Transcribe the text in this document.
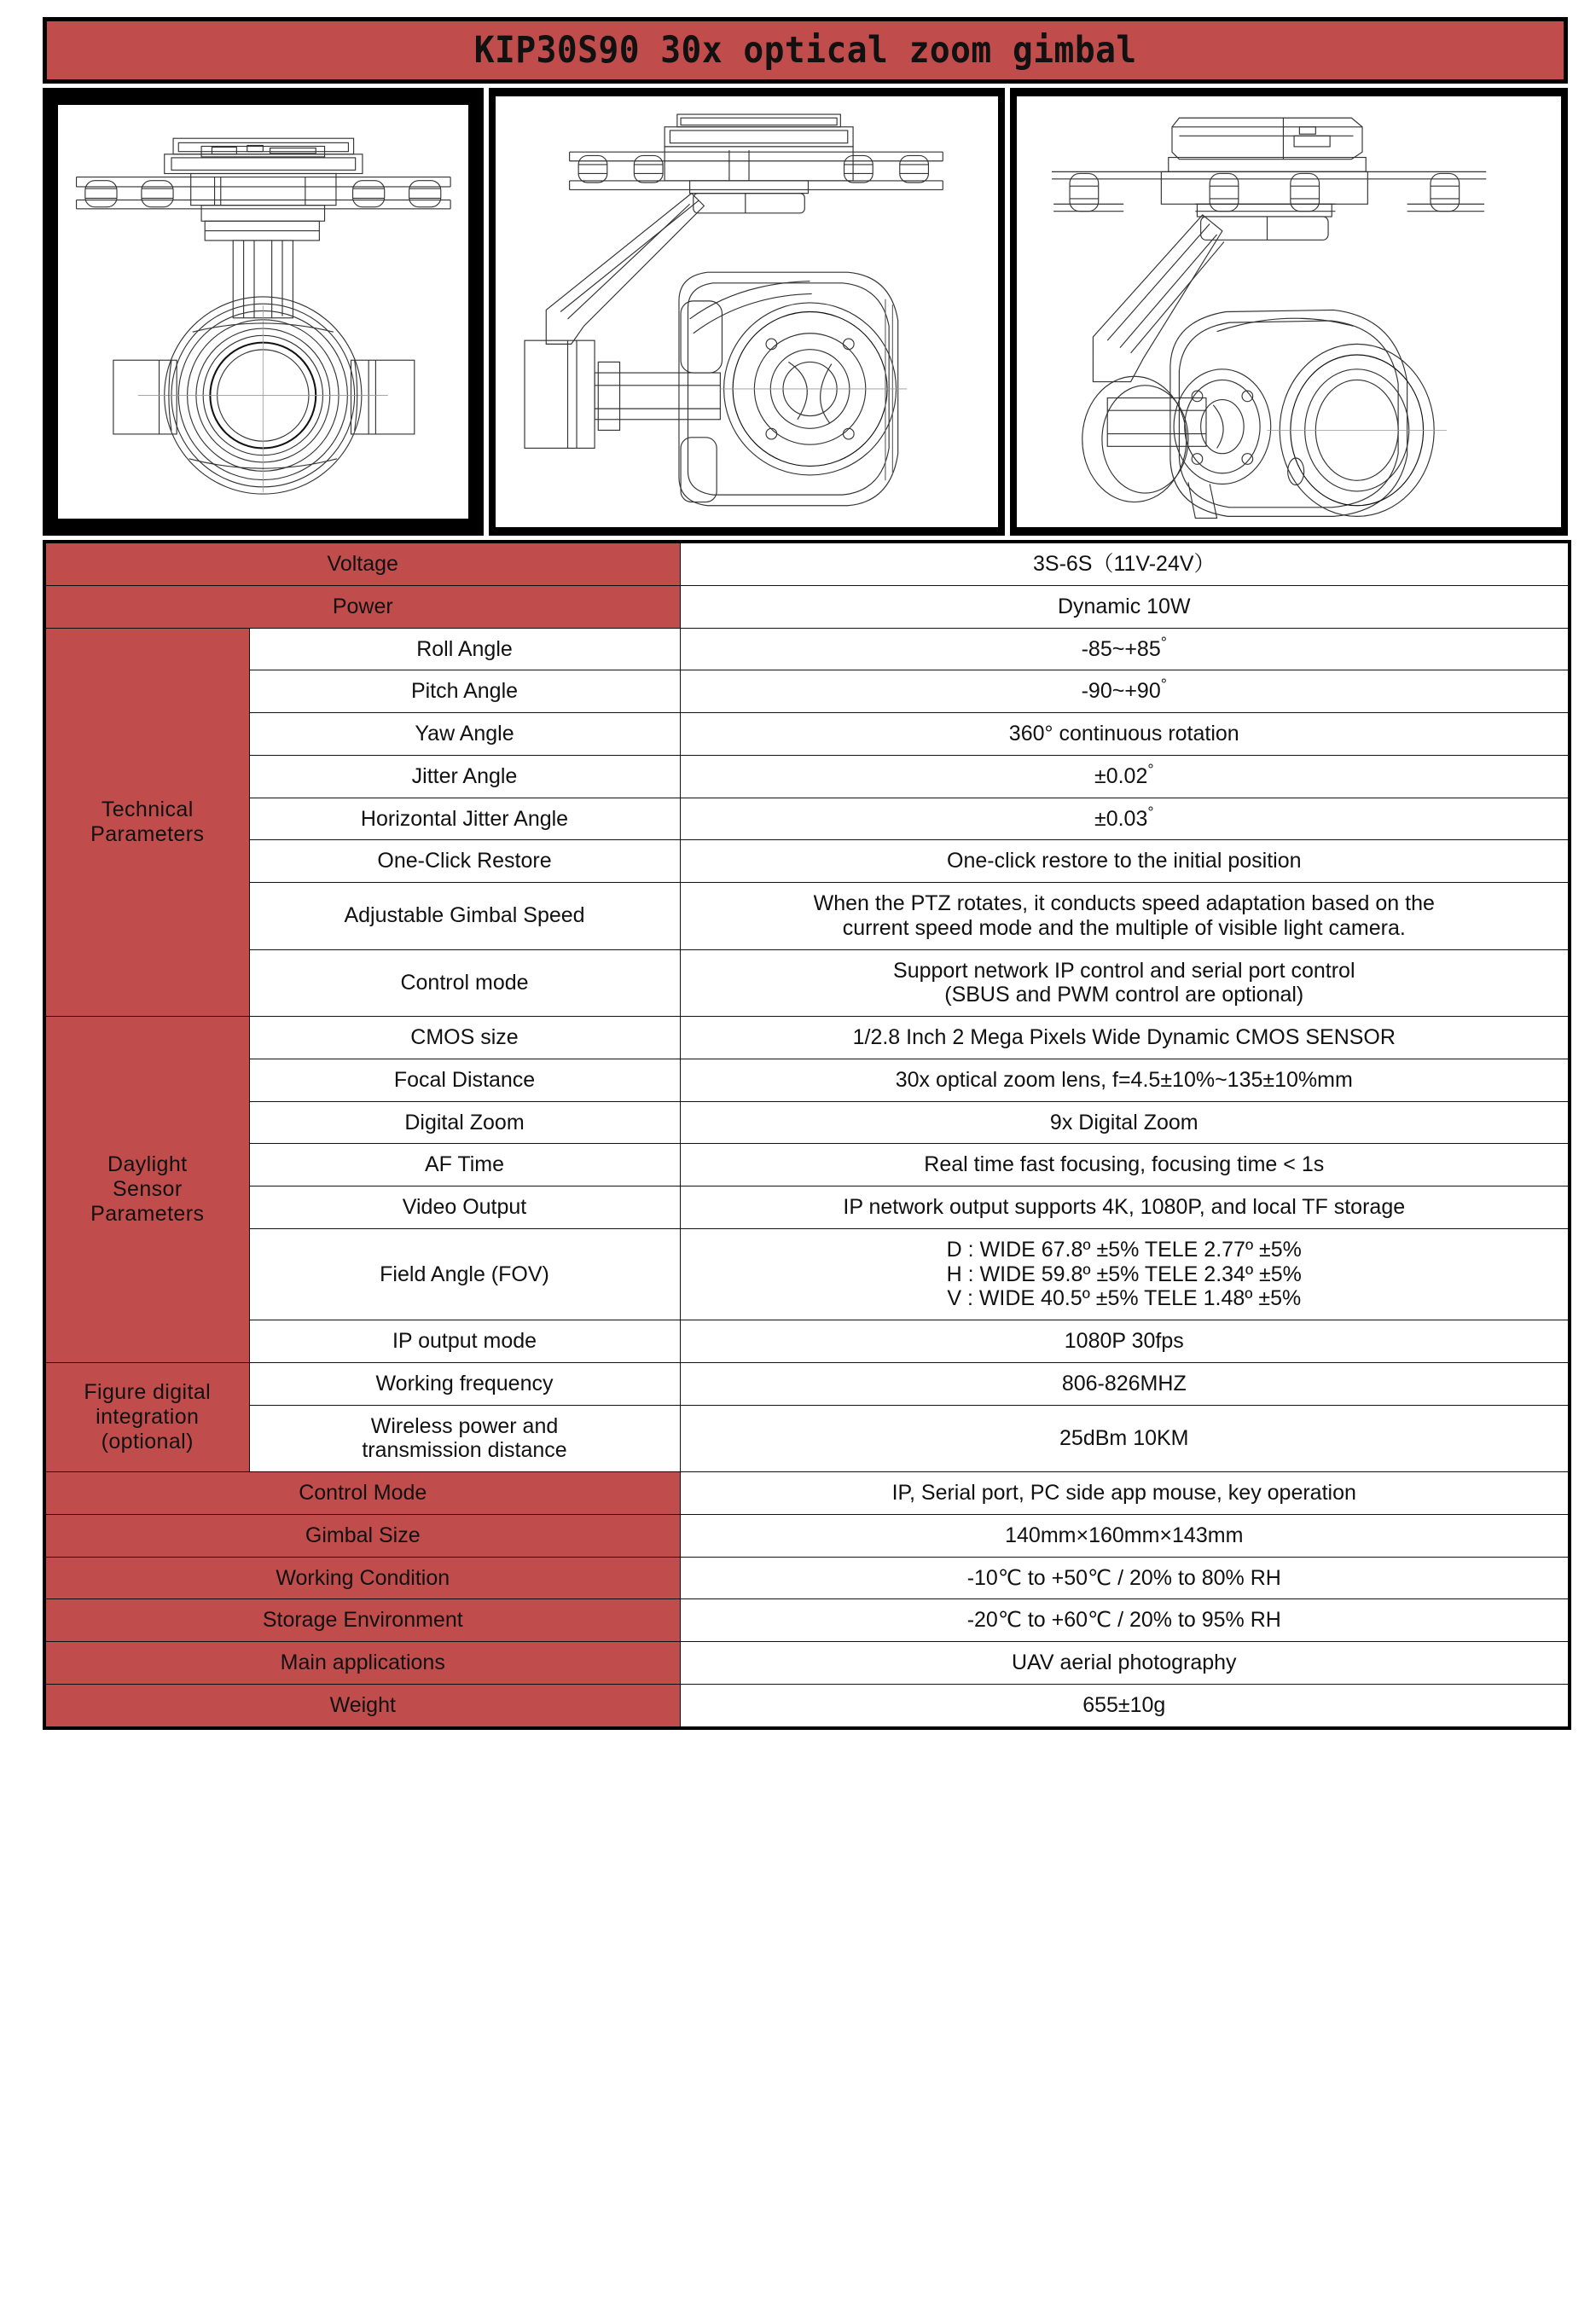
KIP30S90 30x optical zoom gimbal
Voltage		3S-6S（11V-24V）
Power		Dynamic 10W

Technical
Parameters	Roll Angle	-85~+85°
	Pitch Angle	-90~+90°
	Yaw Angle	360° continuous rotation
	Jitter Angle	±0.02°
	Horizontal Jitter Angle	±0.03°
	One-Click Restore	One-click restore to the initial position
	Adjustable Gimbal Speed	When the PTZ rotates, it conducts speed adaptation based on the
current speed mode and the multiple of visible light camera.

	Control mode	Support network IP control and serial port control
(SBUS and PWM control are optional)

Daylight
Sensor
Parameters	CMOS size	1/2.8 Inch 2 Mega Pixels Wide Dynamic CMOS SENSOR
	Focal Distance	30x optical zoom lens, f=4.5±10%~135±10%mm
	Digital Zoom	9x Digital Zoom
	AF Time	Real time fast focusing, focusing time < 1s
	Video Output	IP network output supports 4K, 1080P, and local TF storage
	Field Angle (FOV)	D : WIDE 67.8º ±5% TELE 2.77º ±5%
H : WIDE 59.8º ±5% TELE 2.34º ±5%
V : WIDE 40.5º ±5% TELE 1.48º ±5%

	IP output mode	1080P 30fps

Figure digital
integration
(optional)	Working frequency	806-826MHZ

	Wireless power and
transmission distance	25dBm 10KM
Control Mode		IP, Serial port, PC side app mouse, key operation
Gimbal Size		140mm×160mm×143mm
Working Condition		-10℃ to +50℃ / 20% to 80% RH
Storage Environment		-20℃ to +60℃ / 20% to 95% RH
Main applications		UAV aerial photography
Weight		655±10g
